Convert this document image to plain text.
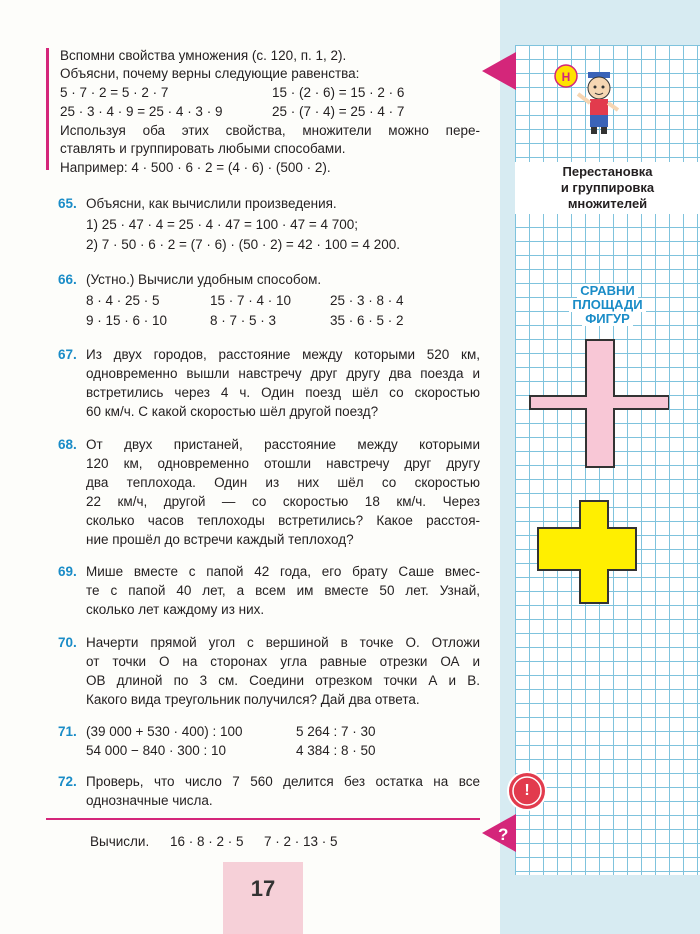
Вспомни свойства умножения (с. 120, п. 1, 2).
Объясни, почему верны следующие равенства:
5 · 7 · 2 = 5 · 2 · 7	15 · (2 · 6) = 15 · 2 · 6
25 · 3 · 4 · 9 = 25 · 4 · 3 · 9	25 · (7 · 4) = 25 · 4 · 7
Используя оба этих свойства, множители можно пере-
ставлять и группировать любыми способами.
Например: 4 · 500 · 6 · 2 = (4 · 6) · (500 · 2).
65. Объясни, как вычислили произведения.
1) 25 · 47 · 4 = 25 · 4 · 47 = 100 · 47 = 4 700;
2) 7 · 50 · 6 · 2 = (7 · 6) · (50 · 2) = 42 · 100 = 4 200.
66. (Устно.) Вычисли удобным способом.
8 · 4 · 25 · 5	15 · 7 · 4 · 10	25 · 3 · 8 · 4
9 · 15 · 6 · 10	8 · 7 · 5 · 3	35 · 6 · 5 · 2
67. Из двух городов, расстояние между которыми 520 км,
одновременно вышли навстречу друг другу два поезда и
встретились через 4 ч. Один поезд шёл со скоростью
60 км/ч. С какой скоростью шёл другой поезд?
68. От двух пристаней, расстояние между которыми
120 км, одновременно отошли навстречу друг другу
два теплохода. Один из них шёл со скоростью
22 км/ч, другой — со скоростью 18 км/ч. Через
сколько часов теплоходы встретились? Какое расстоя-
ние прошёл до встречи каждый теплоход?
69. Мише вместе с папой 42 года, его брату Саше вмес-
те с папой 40 лет, а всем им вместе 50 лет. Узнай,
сколько лет каждому из них.
70. Начерти прямой угол с вершиной в точке О. Отложи
от точки О на сторонах угла равные отрезки ОА и
ОВ длиной по 3 см. Соедини отрезком точки А и В.
Какого вида треугольник получился? Дай два ответа.
71. (39 000 + 530 · 400) : 100	5 264 : 7 · 30
54 000 − 840 · 300 : 10	4 384 : 8 · 50
72. Проверь, что число 7 560 делится без остатка на все
однозначные числа.
Вычисли. 16 · 8 · 2 · 5 7 · 2 · 13 · 5
17
Н
Перестановка
и группировка
множителей
СРАВНИ
ПЛОЩАДИ
ФИГУР
!
?
